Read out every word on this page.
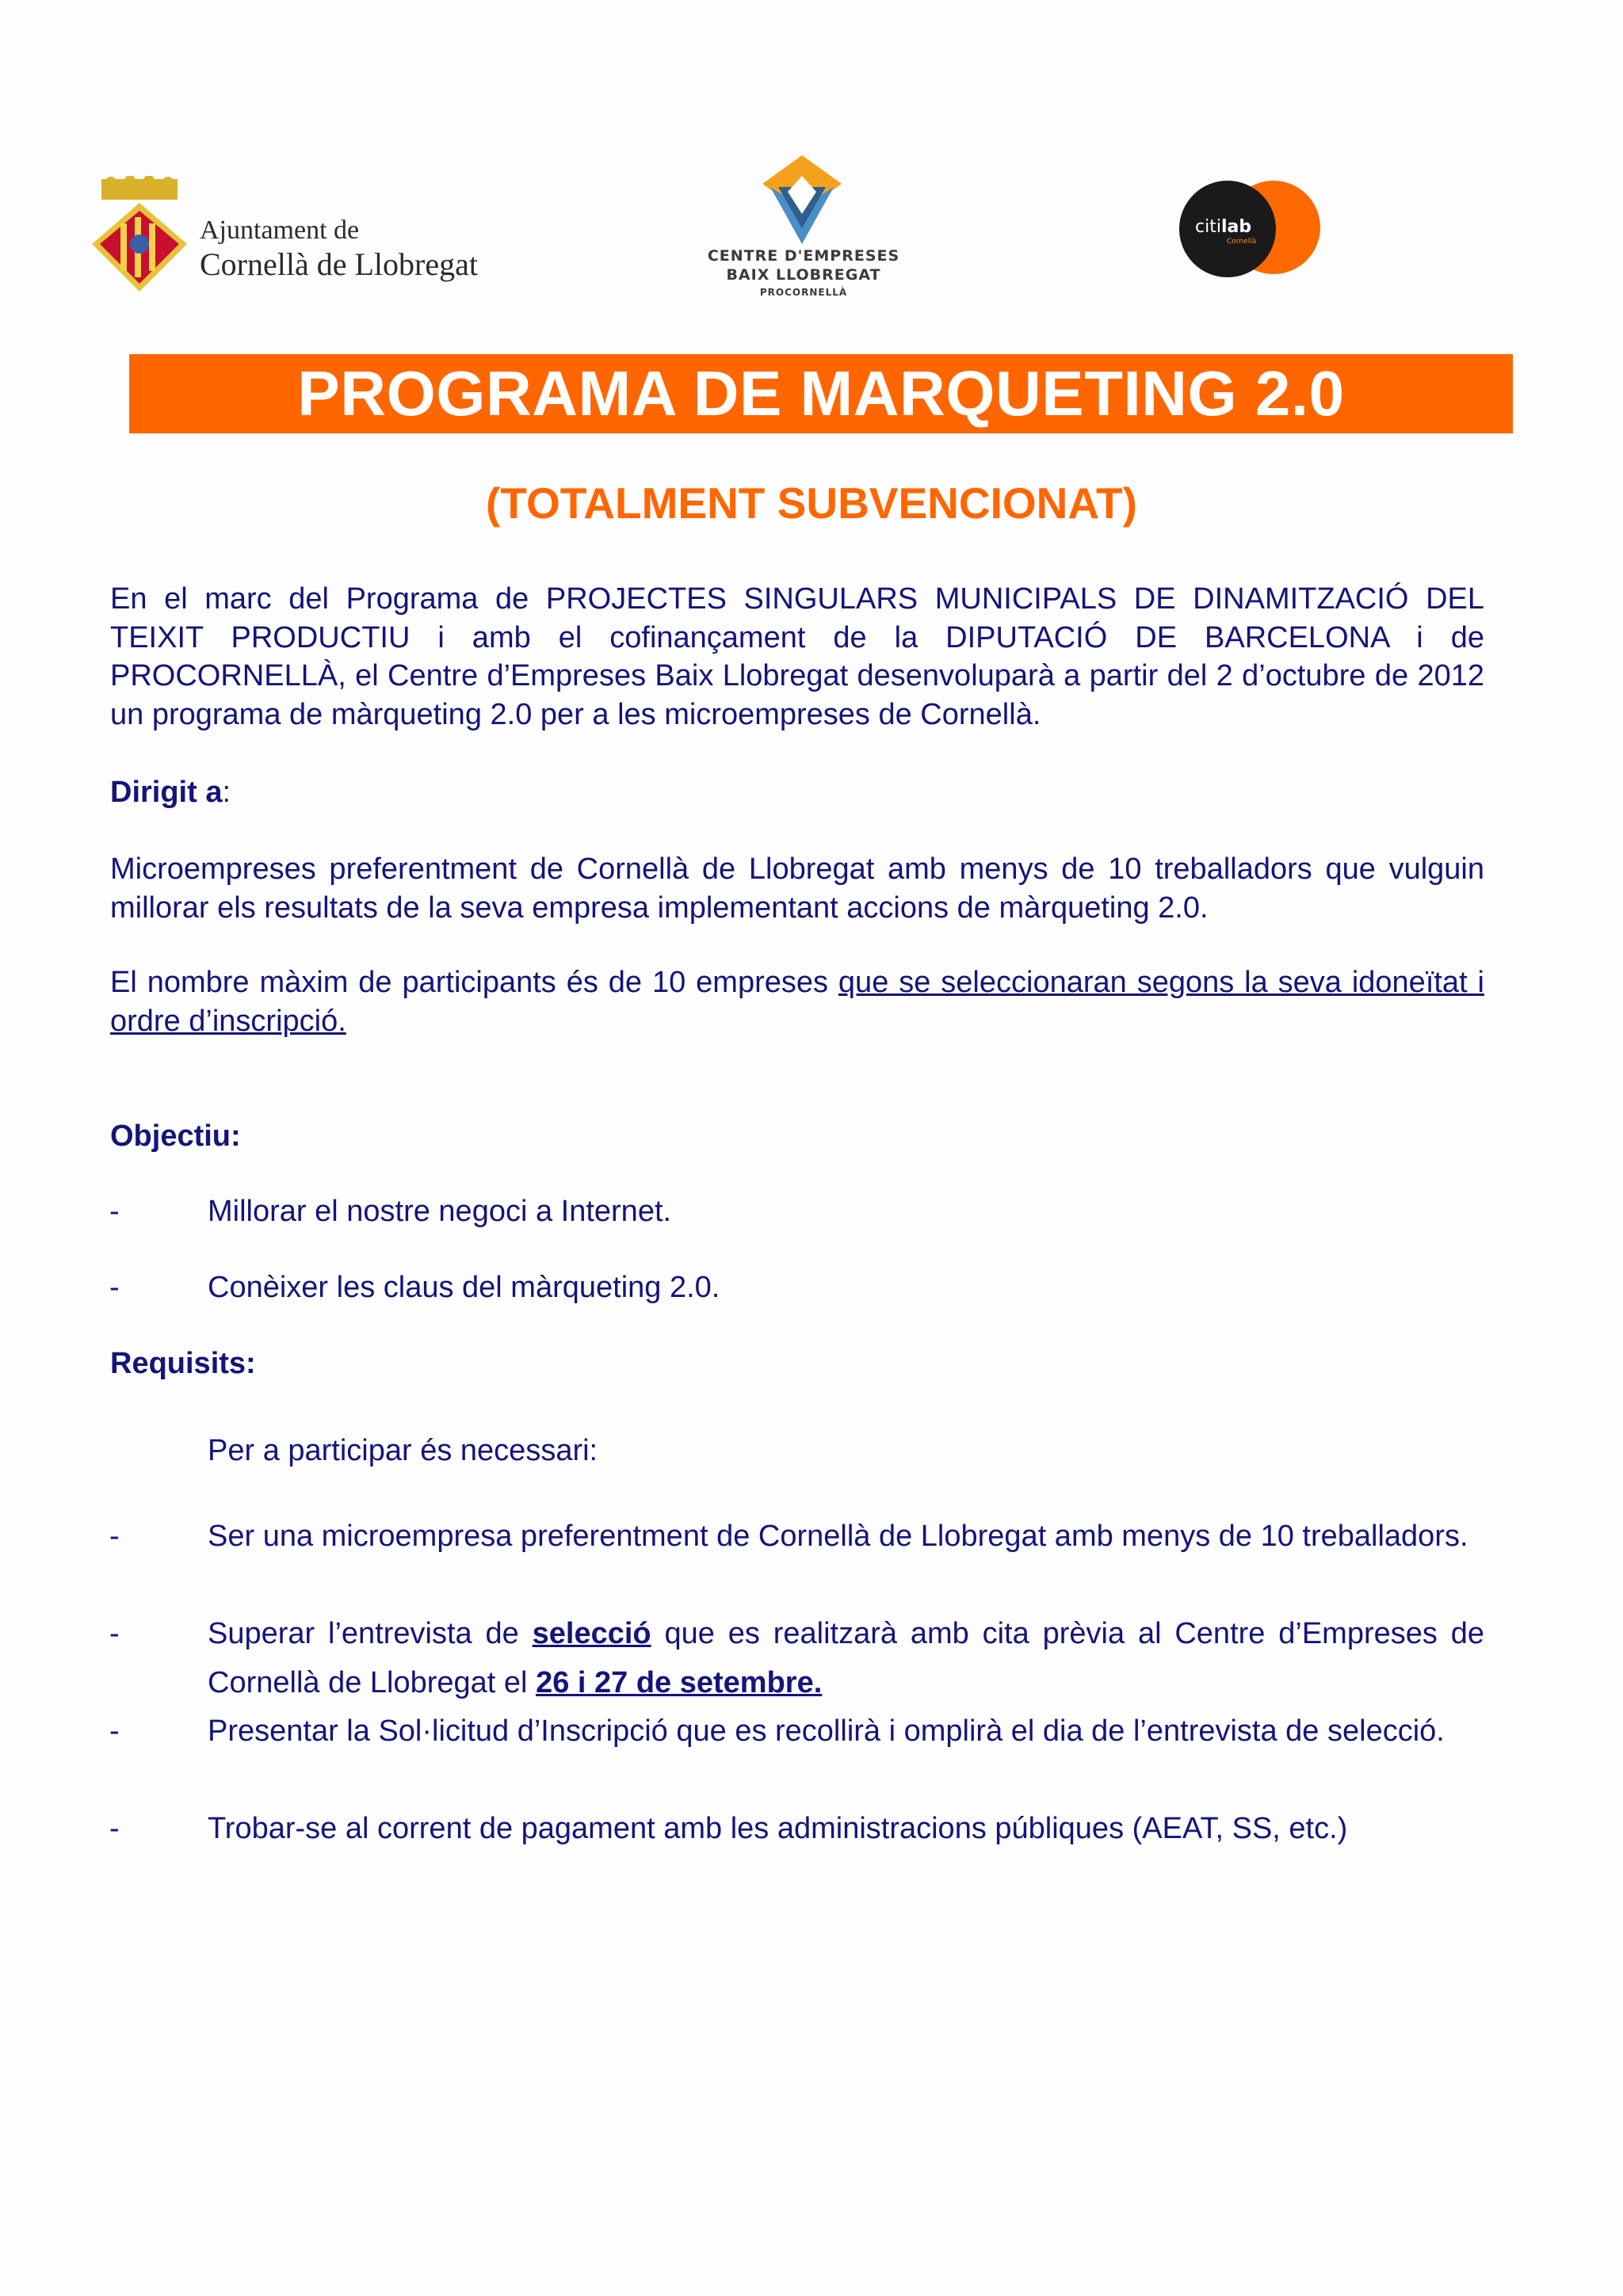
Ajuntament de
Cornellà de Llobregat	CENTRE D'EMPRESES
BAIX LLOBREGAT
PROCORNELLÀ
citilab
Cornellà
PROGRAMA DE MARQUETING 2.0
(TOTALMENT SUBVENCIONAT)
En el marc del Programa de PROJECTES SINGULARS MUNICIPALS DE DINAMITZACIÓ DEL TEIXIT PRODUCTIU i amb el cofinançament de la DIPUTACIÓ DE BARCELONA i de PROCORNELLÀ, el Centre d’Empreses Baix Llobregat desenvoluparà a partir del 2 d’octubre de 2012 un programa de màrqueting 2.0 per a les microempreses de Cornellà.
Dirigit a:
Microempreses preferentment de Cornellà de Llobregat amb menys de 10 treballadors que vulguin millorar els resultats de la seva empresa implementant accions de màrqueting 2.0.
El nombre màxim de participants és de 10 empreses que se seleccionaran segons la seva idoneïtat i ordre d’inscripció.
Objectiu:
-	Millorar el nostre negoci a Internet.
-	Conèixer les claus del màrqueting 2.0.
Requisits:
Per a participar és necessari:
-	Ser una microempresa preferentment de Cornellà de Llobregat amb menys de 10 treballadors.
-	Superar l’entrevista de selecció que es realitzarà amb cita prèvia al Centre d’Empreses de Cornellà de Llobregat el 26 i 27 de setembre.
-	Presentar la Sol·licitud d’Inscripció que es recollirà i omplirà el dia de l’entrevista de selecció.
-	Trobar-se al corrent de pagament amb les administracions públiques (AEAT, SS, etc.)
